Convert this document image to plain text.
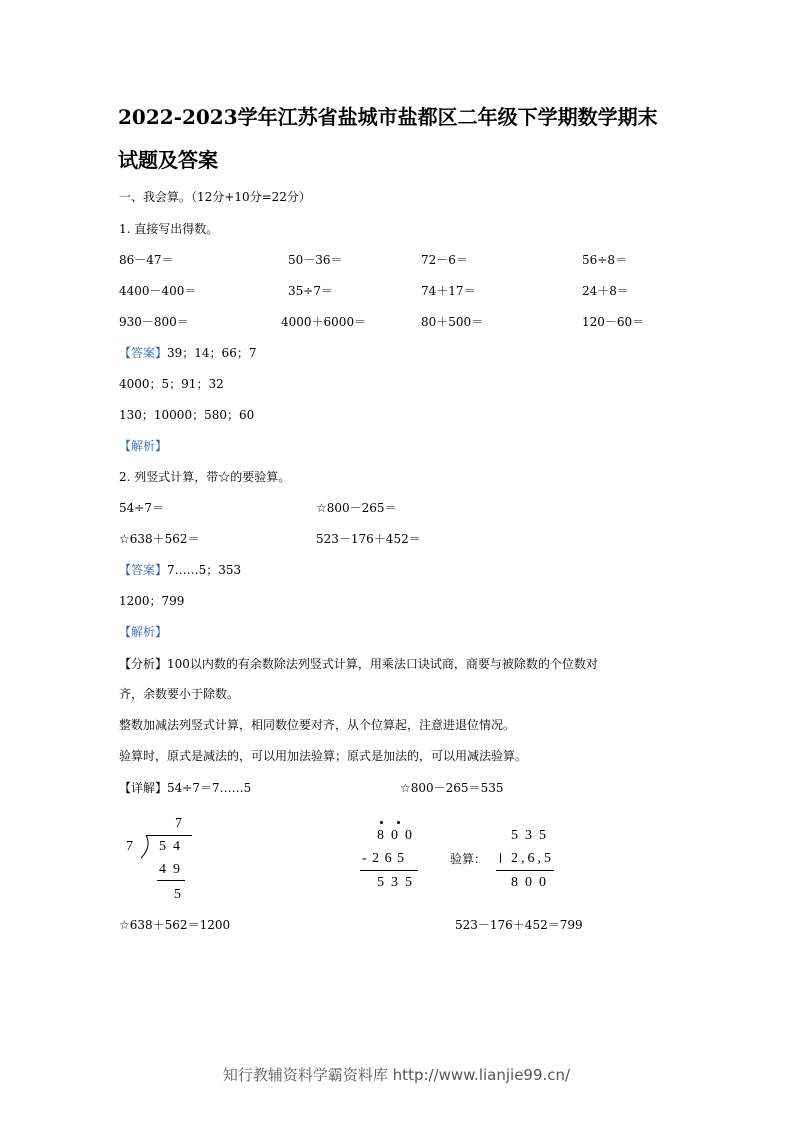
2022-2023学年江苏省盐城市盐都区二年级下学期数学期末
试题及答案
一、我会算。（12分+10分=22分）
1. 直接写出得数。
86－47＝	50－36＝	72－6＝	56÷8＝
4400－400＝	35÷7＝	74＋17＝	24＋8＝
930－800＝	4000＋6000＝	80＋500＝	120－60＝
【答案】39；14；66；7
4000；5；91；32
130；10000；580；60
【解析】
2. 列竖式计算，带☆的要验算。
54÷7＝	☆800－265＝
☆638＋562＝	523－176＋452＝
【答案】7……5；353
1200；799
【解析】
【分析】100以内数的有余数除法列竖式计算，用乘法口诀试商，商要与被除数的个位数对
齐，余数要小于除数。
整数加减法列竖式计算，相同数位要对齐，从个位算起，注意进退位情况。
验算时，原式是减法的，可以用加法验算；原式是加法的，可以用减法验算。
【详解】54÷7＝7……5	☆800－265＝535
7
7 54
49
5
800
- 2 6 5
535
验算：
535
2,6,5
800
☆638＋562＝1200	523－176＋452＝799
知行教辅资料学霸资料库 http://www.lianjie99.cn/
